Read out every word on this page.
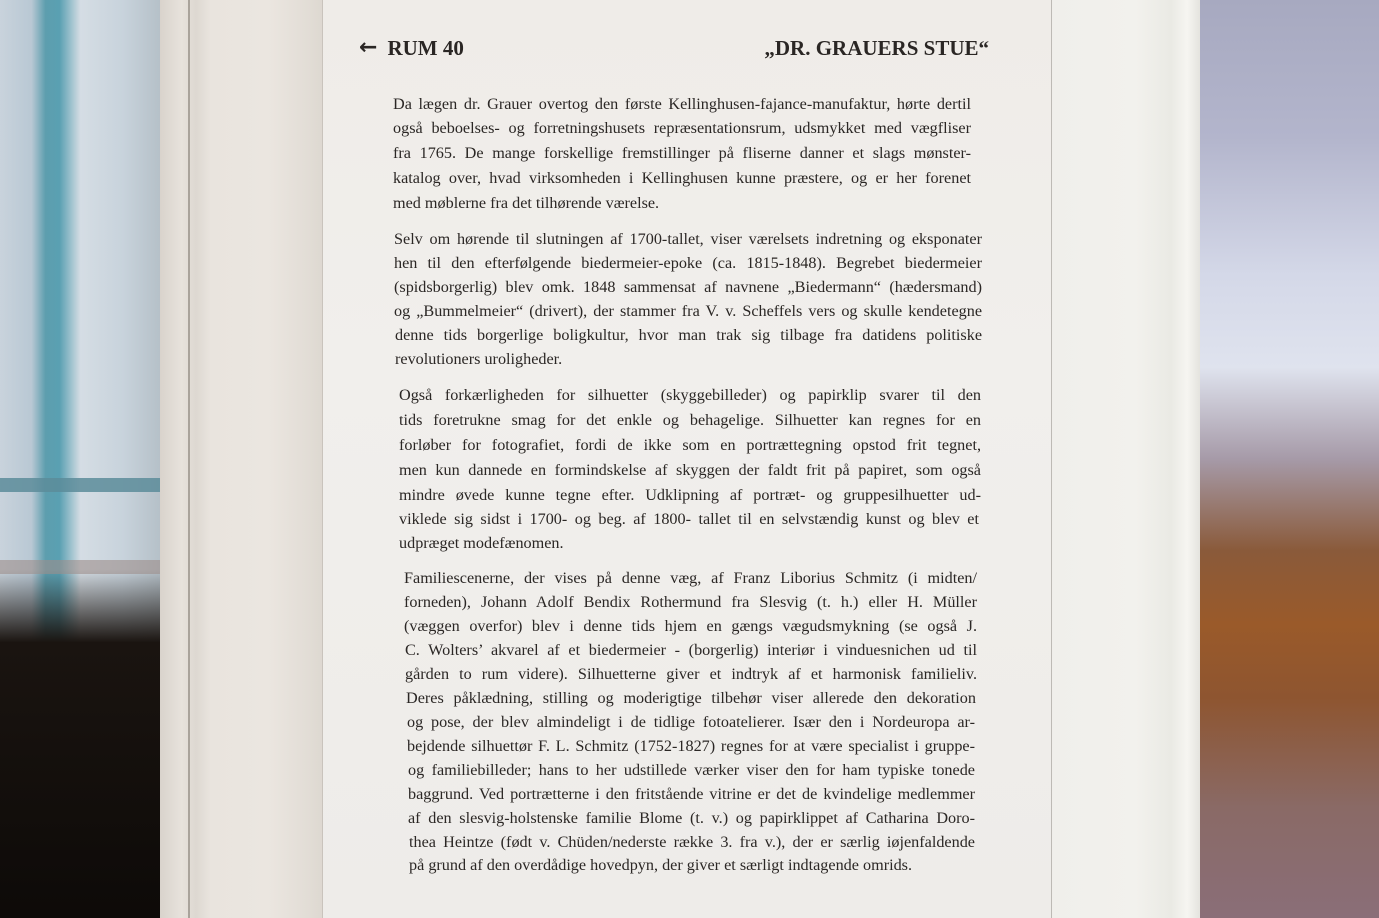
← RUM 40	„DR. GRAUERS STUE“
Da lægen dr. Grauer overtog den første Kellinghusen-fajance-manufaktur, hørte dertil
også beboelses- og forretningshusets repræsentationsrum, udsmykket med vægfliser
fra 1765. De mange forskellige fremstillinger på fliserne danner et slags mønster-
katalog over, hvad virksomheden i Kellinghusen kunne præstere, og er her forenet
med møblerne fra det tilhørende værelse.
Selv om hørende til slutningen af 1700-tallet, viser værelsets indretning og eksponater
hen til den efterfølgende biedermeier-epoke (ca. 1815-1848). Begrebet biedermeier
(spidsborgerlig) blev omk. 1848 sammensat af navnene „Biedermann“ (hædersmand)
og „Bummelmeier“ (drivert), der stammer fra V. v. Scheffels vers og skulle kendetegne
denne tids borgerlige boligkultur, hvor man trak sig tilbage fra datidens politiske
revolutioners uroligheder.
Også forkærligheden for silhuetter (skyggebilleder) og papirklip svarer til den
tids foretrukne smag for det enkle og behagelige. Silhuetter kan regnes for en
forløber for fotografiet, fordi de ikke som en portrættegning opstod frit tegnet,
men kun dannede en formindskelse af skyggen der faldt frit på papiret, som også
mindre øvede kunne tegne efter. Udklipning af portræt- og gruppesilhuetter ud-
viklede sig sidst i 1700- og beg. af 1800- tallet til en selvstændig kunst og blev et
udpræget modefænomen.
Familiescenerne, der vises på denne væg, af Franz Liborius Schmitz (i midten/
forneden), Johann Adolf Bendix Rothermund fra Slesvig (t. h.) eller H. Müller
(væggen overfor) blev i denne tids hjem en gængs vægudsmykning (se også J.
C. Wolters’ akvarel af et biedermeier - (borgerlig) interiør i vinduesnichen ud til
gården to rum videre). Silhuetterne giver et indtryk af et harmonisk familieliv.
Deres påklædning, stilling og moderigtige tilbehør viser allerede den dekoration
og pose, der blev almindeligt i de tidlige fotoatelierer. Især den i Nordeuropa ar-
bejdende silhuettør F. L. Schmitz (1752-1827) regnes for at være specialist i gruppe-
og familiebilleder; hans to her udstillede værker viser den for ham typiske tonede
baggrund. Ved portrætterne i den fritstående vitrine er det de kvindelige medlemmer
af den slesvig-holstenske familie Blome (t. v.) og papirklippet af Catharina Doro-
thea Heintze (født v. Chüden/nederste række 3. fra v.), der er særlig iøjenfaldende
på grund af den overdådige hovedpyn, der giver et særligt indtagende omrids.
